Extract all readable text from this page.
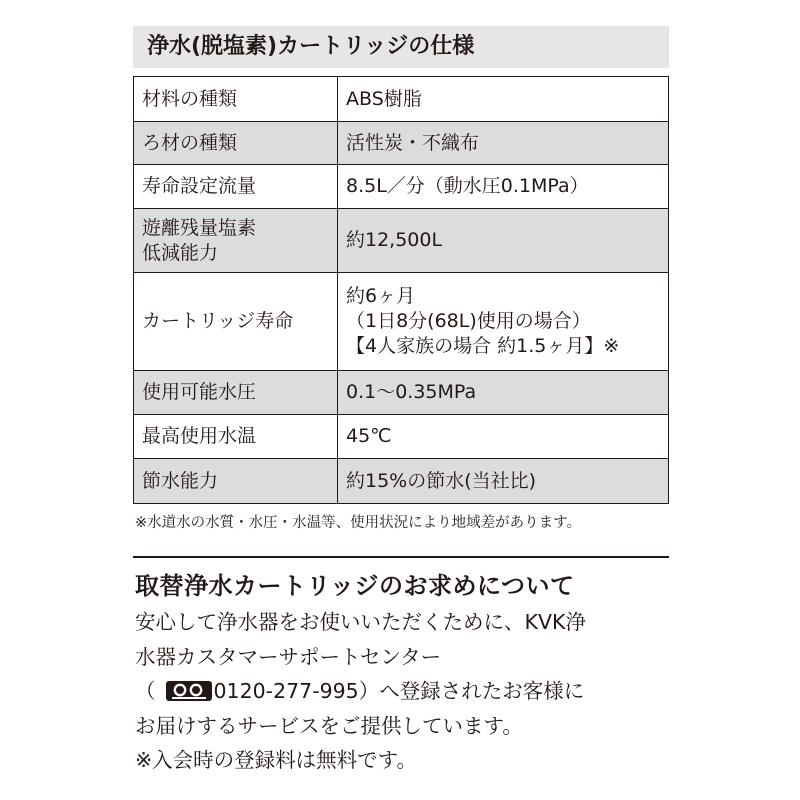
浄水(脱塩素)カートリッジの仕様
材料の種類	ABS樹脂

ろ材の種類	活性炭・不織布

寿命設定流量	8.5L／分（動水圧0.1MPa）

遊離残量塩素
低減能力	約12,500L

カートリッジ寿命	約6ヶ月
（1日8分(68L)使用の場合）
【4人家族の場合 約1.5ヶ月】※

使用可能水圧	0.1〜0.35MPa

最高使用水温	45℃

節水能力	約15%の節水(当社比)
※水道水の水質・水圧・水温等、使用状況により地域差があります。
取替浄水カートリッジのお求めについて
安心して浄水器をお使いいただくために、KVK浄
水器カスタマーサポートセンター
（	0120-277-995）へ登録されたお客様に
お届けするサービスをご提供しています。
※入会時の登録料は無料です。
